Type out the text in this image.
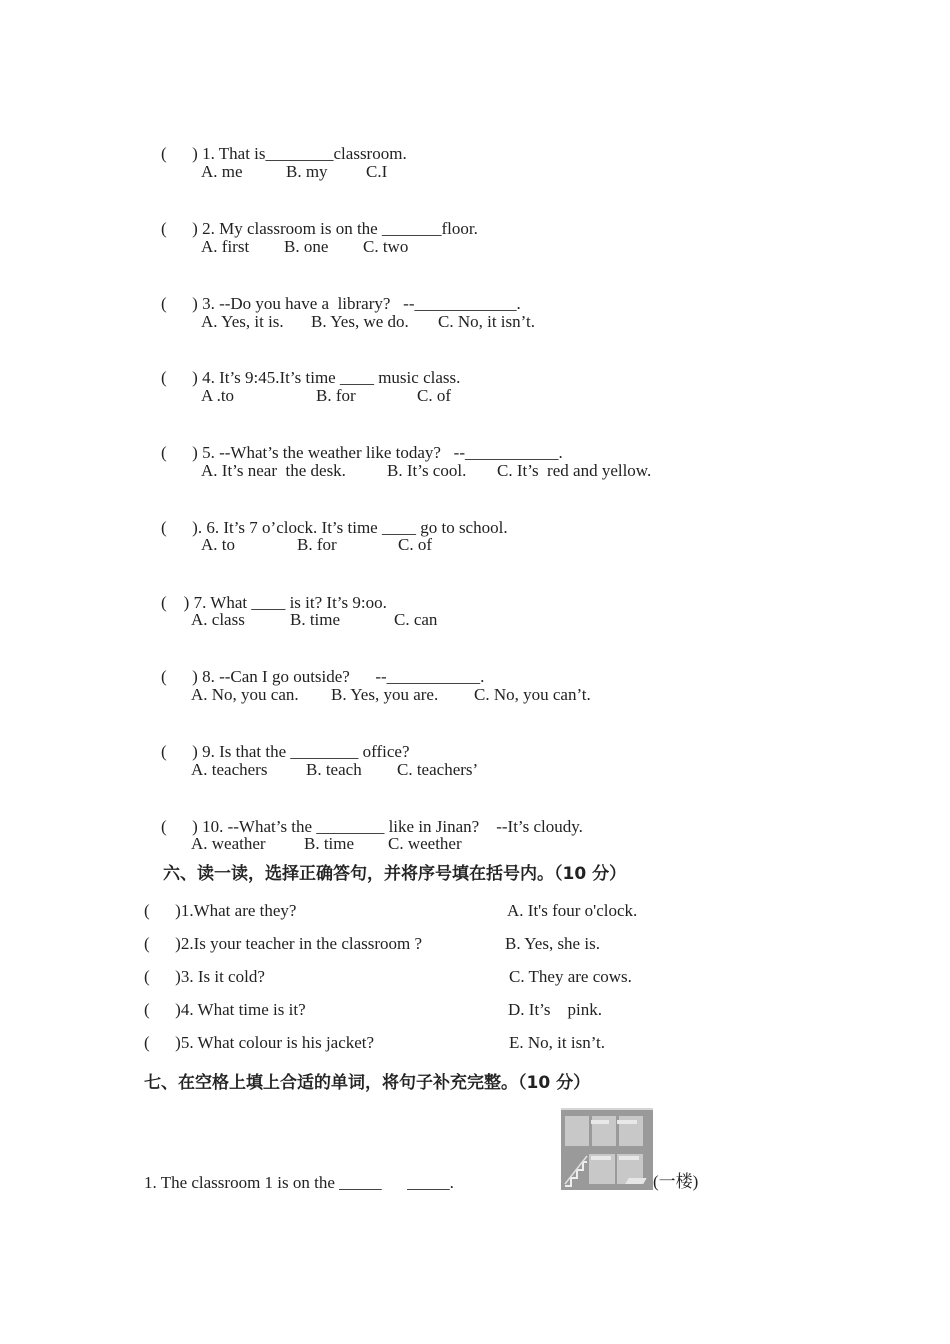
(      ) 1. That is________classroom.

A. me	B. my C.I

(      ) 2. My classroom is on the _______floor.

A. first B. one C. two

(      ) 3. --Do you have a  library?   --____________.

A. Yes, it is. B. Yes, we do. C. No, it isn’t.

(      ) 4. It’s 9:45.It’s time ____ music class.

A .to	B. for	C. of

(      ) 5. --What’s the weather like today?   --___________.

A. It’s near  the desk. B. It’s cool. C. It’s  red and yellow.

(      ). 6. It’s 7 o’clock. It’s time ____ go to school.

A. to	B. for	C. of

(    ) 7. What ____ is it? It’s 9:oo.

A. class	B. time	C. can

(      ) 8. --Can I go outside?      --___________.

A. No, you can. B. Yes, you are. C. No, you can’t.

(      ) 9. Is that the ________ office?

A. teachers B. teach C. teachers’

(      ) 10. --What’s the ________ like in Jinan?    --It’s cloudy.

A. weather B. time C. weether
六、读一读，选择正确答句，并将序号填在括号内。（10 分）
(      )1.What are they?	A. It's four o'clock.
(      )2.Is your teacher in the classroom ?	B. Yes, she is.
(      )3. Is it cold?	C. They are cows.
(      )4. What time is it?	D. It’s    pink.
(      )5. What colour is his jacket?	E. No, it isn’t.
七、在空格上填上合适的单词，将句子补充完整。（10 分）
1. The classroom 1 is on the _____      _____.	(一楼)
